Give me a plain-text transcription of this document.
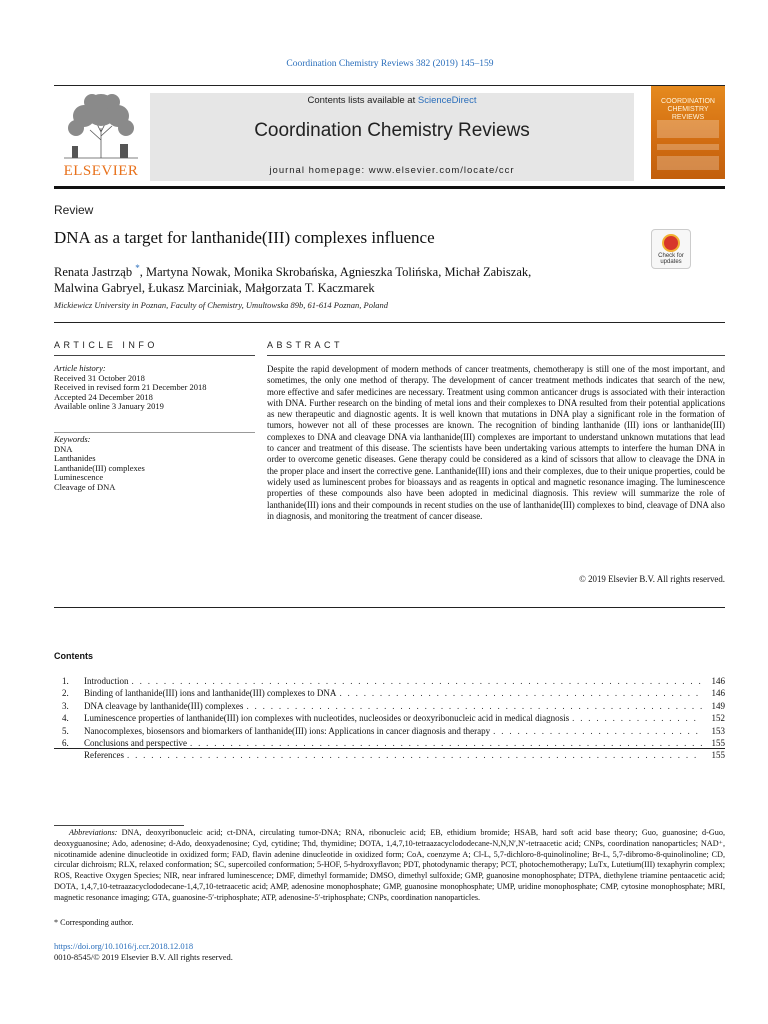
Coordination Chemistry Reviews 382 (2019) 145–159
ELSEVIER
Contents lists available at ScienceDirect
Coordination Chemistry Reviews
journal homepage: www.elsevier.com/locate/ccr
COORDINATION CHEMISTRY REVIEWS
Review
DNA as a target for lanthanide(III) complexes influence
Check for updates
Renata Jastrząb *, Martyna Nowak, Monika Skrobańska, Agnieszka Tolińska, Michał Zabiszak,
Malwina Gabryel, Łukasz Marciniak, Małgorzata T. Kaczmarek
Mickiewicz University in Poznan, Faculty of Chemistry, Umultowska 89b, 61-614 Poznan, Poland
ARTICLE INFO	ABSTRACT
Article history:
Received 31 October 2018
Received in revised form 21 December 2018
Accepted 24 December 2018
Available online 3 January 2019
Keywords:
DNA
Lanthanides
Lanthanide(III) complexes
Luminescence
Cleavage of DNA
Despite the rapid development of modern methods of cancer treatments, chemotherapy is still one of the most important, and sometimes, the only one method of therapy. The development of cancer treatment methods indicates that search of the new, more effective and safer medicines are necessary. Treatment using common anticancer drugs is associated with their interaction with DNA. Further research on the binding of metal ions and their complexes to DNA resulted from their potential applications as new therapeutic and diagnostic agents. It is well known that mutations in DNA play a significant role in the formation of tumors, however not all of these processes are known. The recognition of binding lanthanide (III) ions or lanthanide(III) complexes to DNA and cleavage DNA via lanthanide(III) complexes are important to understand unknown mutations that lead to cancer and treatment of this disease. The scientists have been undertaking various attempts to interfere the human DNA in order to overcome genetic diseases. Gene therapy could be considered as a kind of scissors that allow to cleavage the DNA in the proper place and insert the corrective gene. Lanthanide(III) ions and their complexes, due to their unique properties, could be widely used as luminescent probes for bioassays and as reagents in optical and magnetic resonance imaging. The luminescence properties of these compounds also have been adopted in medicinal diagnosis. This review will summarize the role of lanthanide(III) ions and their compounds in recent studies on the use of lanthanide(III) complexes to bind, cleavage of DNA also in diagnosis, and monitoring the treatment of cancer disease.
© 2019 Elsevier B.V. All rights reserved.
Contents
1.	Introduction . . .	146
2.	Binding of lanthanide(III) ions and lanthanide(III) complexes to DNA . . .	146
3.	DNA cleavage by lanthanide(III) complexes . . .	149
4.	Luminescence properties of lanthanide(III) ion complexes with nucleotides, nucleosides or deoxyribonucleic acid in medical diagnosis . . .	152
5.	Nanocomplexes, biosensors and biomarkers of lanthanide(III) ions: Applications in cancer diagnosis and therapy . . .	153
6.	Conclusions and perspective . . .	155
References . . .	155
Abbreviations: DNA, deoxyribonucleic acid; ct-DNA, circulating tumor-DNA; RNA, ribonucleic acid; EB, ethidium bromide; HSAB, hard soft acid base theory; Guo, guanosine; d-Guo, deoxyguanosine; Ado, adenosine; d-Ado, deoxyadenosine; Cyd, cytidine; Thd, thymidine; DOTA, 1,4,7,10-tetraazacyclododecane-N,N,N′,N′-tetraacetic acid; CNPs, coordination nanoparticles; NAD⁺, nicotinamide adenine dinucleotide in oxidized form; FAD, flavin adenine dinucleotide in oxidized form; CoA, coenzyme A; Cl-L, 5,7-dichloro-8-quinolinoline; Br-L, 5,7-dibromo-8-quinolinoline; CD, circular dichroism; RLX, relaxed conformation; SC, supercoiled conformation; 5-HOF, 5-hydroxyflavon; PDT, photodynamic therapy; PCT, photochemotherapy; LuTx, Lutetium(III) texaphyrin complex; ROS, Reactive Oxygen Species; NIR, near infrared luminescence; DMF, dimethyl formamide; DMSO, dimethyl sulfoxide; GMP, guanosine monophosphate; DTPA, diethylene triamine pentaacetic acid; DOTA, 1,4,7,10-tetraazacyclododecane-1,4,7,10-tetraacetic acid; AMP, adenosine monophosphate; GMP, guanosine monophosphate; UMP, uridine monophosphate; CMP, cytosine monophosphate; MRI, magnetic resonance imaging; GTA, guanosine-5′-triphosphate; ATP, adenosine-5′-triphosphate; CNPs, coordination nanoparticles.
* Corresponding author.
https://doi.org/10.1016/j.ccr.2018.12.018
0010-8545/© 2019 Elsevier B.V. All rights reserved.
